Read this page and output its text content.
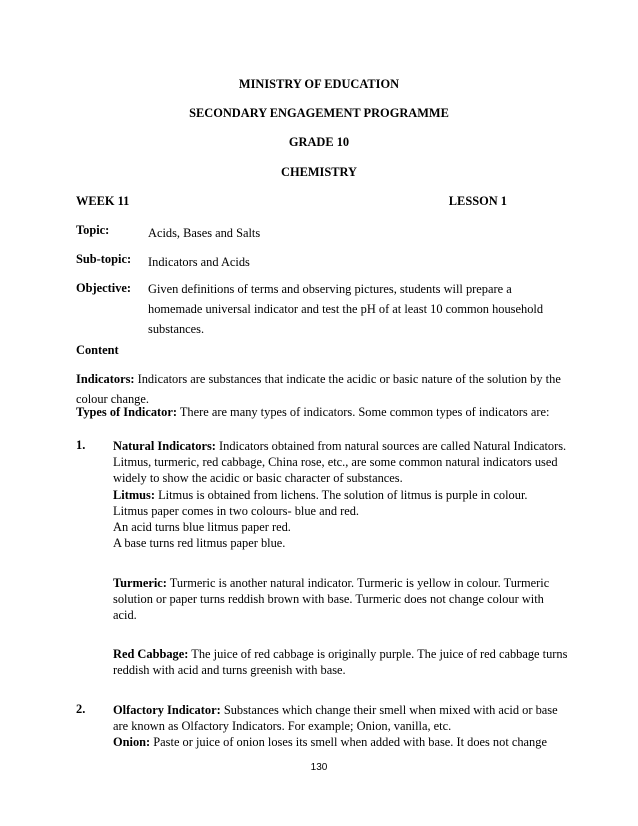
MINISTRY OF EDUCATION
SECONDARY ENGAGEMENT PROGRAMME
GRADE 10
CHEMISTRY
WEEK 11	LESSON 1
Topic:	Acids, Bases and Salts
Sub-topic: Indicators and Acids
Objective: Given definitions of terms and observing pictures, students will prepare a homemade universal indicator and test the pH of at least 10 common household substances.
Content
Indicators: Indicators are substances that indicate the acidic or basic nature of the solution by the colour change.
Types of Indicator: There are many types of indicators. Some common types of indicators are:
1. Natural Indicators: Indicators obtained from natural sources are called Natural Indicators. Litmus, turmeric, red cabbage, China rose, etc., are some common natural indicators used widely to show the acidic or basic character of substances.
Litmus: Litmus is obtained from lichens. The solution of litmus is purple in colour.
Litmus paper comes in two colours- blue and red.
An acid turns blue litmus paper red.
A base turns red litmus paper blue.
Turmeric: Turmeric is another natural indicator. Turmeric is yellow in colour. Turmeric solution or paper turns reddish brown with base. Turmeric does not change colour with acid.
Red Cabbage: The juice of red cabbage is originally purple. The juice of red cabbage turns reddish with acid and turns greenish with base.
2. Olfactory Indicator: Substances which change their smell when mixed with acid or base are known as Olfactory Indicators. For example; Onion, vanilla, etc.
Onion: Paste or juice of onion loses its smell when added with base. It does not change
130
